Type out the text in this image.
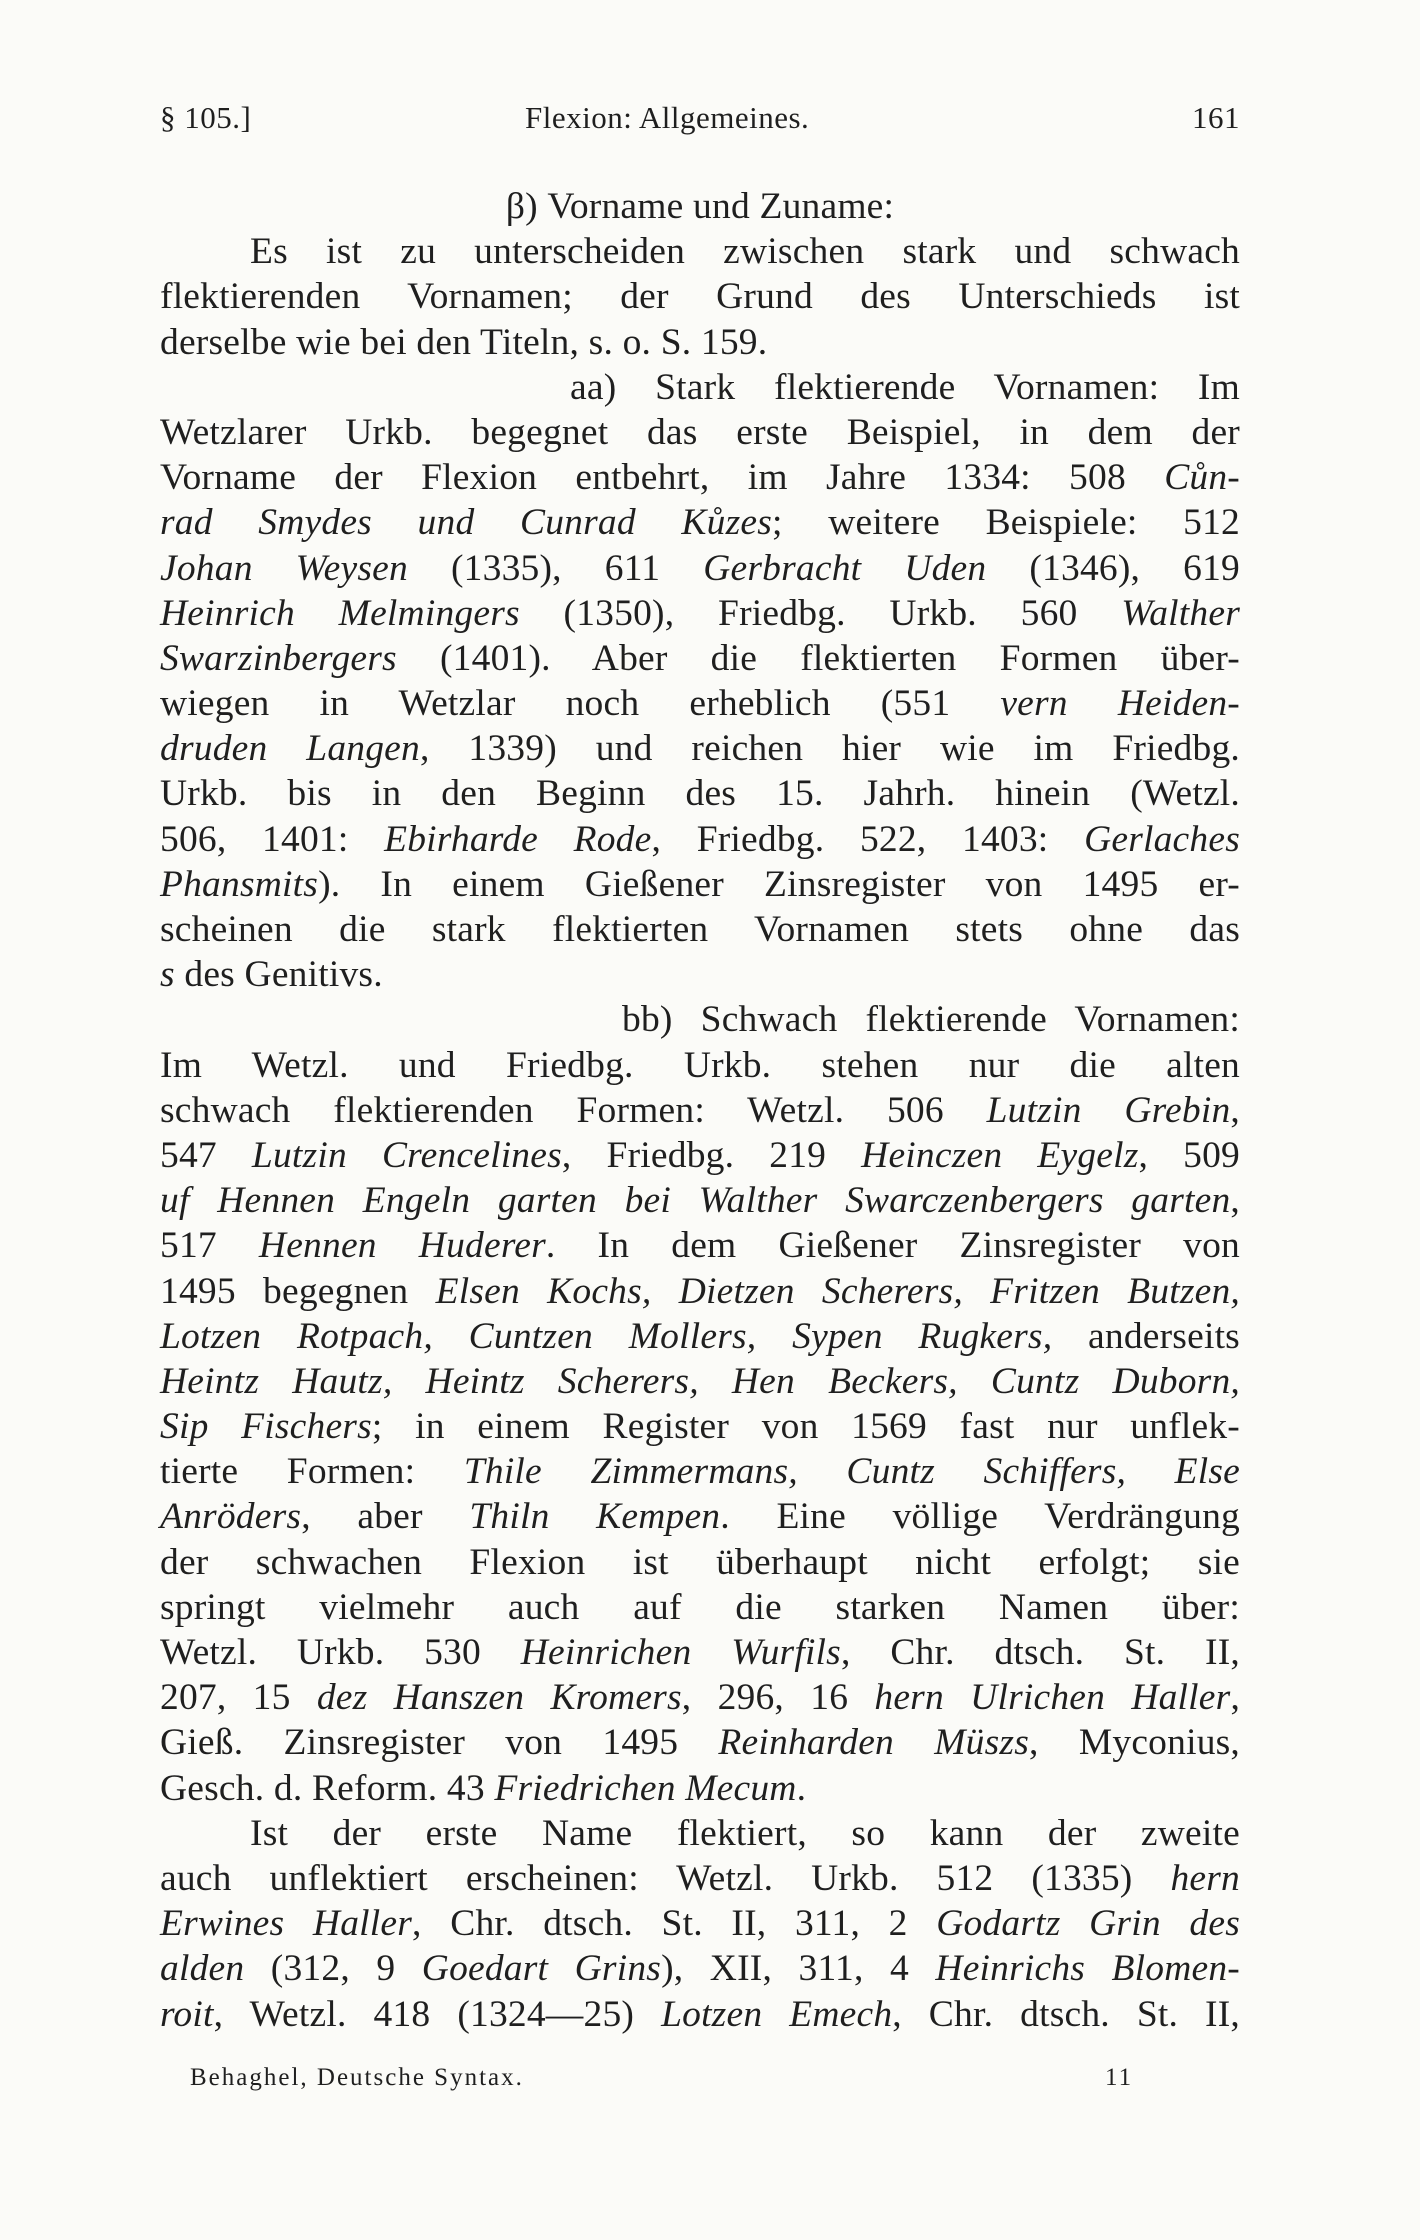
§ 105.]	Flexion: Allgemeines.	161
β) Vorname und Zuname:
Es ist zu unterscheiden zwischen stark und schwach
flektierenden Vornamen; der Grund des Unterschieds ist
derselbe wie bei den Titeln, s. o. S. 159.
aa) Stark flektierende Vornamen: Im
Wetzlarer Urkb. begegnet das erste Beispiel, in dem der
Vorname der Flexion entbehrt, im Jahre 1334: 508 Cůn-
rad Smydes und Cunrad Kůzes; weitere Beispiele: 512
Johan Weysen (1335), 611 Gerbracht Uden (1346), 619
Heinrich Melmingers (1350), Friedbg. Urkb. 560 Walther
Swarzinbergers (1401). Aber die flektierten Formen über-
wiegen in Wetzlar noch erheblich (551 vern Heiden-
druden Langen, 1339) und reichen hier wie im Friedbg.
Urkb. bis in den Beginn des 15. Jahrh. hinein (Wetzl.
506, 1401: Ebirharde Rode, Friedbg. 522, 1403: Gerlaches
Phansmits). In einem Gießener Zinsregister von 1495 er-
scheinen die stark flektierten Vornamen stets ohne das
s des Genitivs.
bb) Schwach flektierende Vornamen:
Im Wetzl. und Friedbg. Urkb. stehen nur die alten
schwach flektierenden Formen: Wetzl. 506 Lutzin Grebin,
547 Lutzin Crencelines, Friedbg. 219 Heinczen Eygelz, 509
uf Hennen Engeln garten bei Walther Swarczenbergers garten,
517 Hennen Huderer. In dem Gießener Zinsregister von
1495 begegnen Elsen Kochs, Dietzen Scherers, Fritzen Butzen,
Lotzen Rotpach, Cuntzen Mollers, Sypen Rugkers, anderseits
Heintz Hautz, Heintz Scherers, Hen Beckers, Cuntz Duborn,
Sip Fischers; in einem Register von 1569 fast nur unflek-
tierte Formen: Thile Zimmermans, Cuntz Schiffers, Else
Anröders, aber Thiln Kempen. Eine völlige Verdrängung
der schwachen Flexion ist überhaupt nicht erfolgt; sie
springt vielmehr auch auf die starken Namen über:
Wetzl. Urkb. 530 Heinrichen Wurfils, Chr. dtsch. St. II,
207, 15 dez Hanszen Kromers, 296, 16 hern Ulrichen Haller,
Gieß. Zinsregister von 1495 Reinharden Müszs, Myconius,
Gesch. d. Reform. 43 Friedrichen Mecum.
Ist der erste Name flektiert, so kann der zweite
auch unflektiert erscheinen: Wetzl. Urkb. 512 (1335) hern
Erwines Haller, Chr. dtsch. St. II, 311, 2 Godartz Grin des
alden (312, 9 Goedart Grins), XII, 311, 4 Heinrichs Blomen-
roit, Wetzl. 418 (1324—25) Lotzen Emech, Chr. dtsch. St. II,
Behaghel, Deutsche Syntax.	11
